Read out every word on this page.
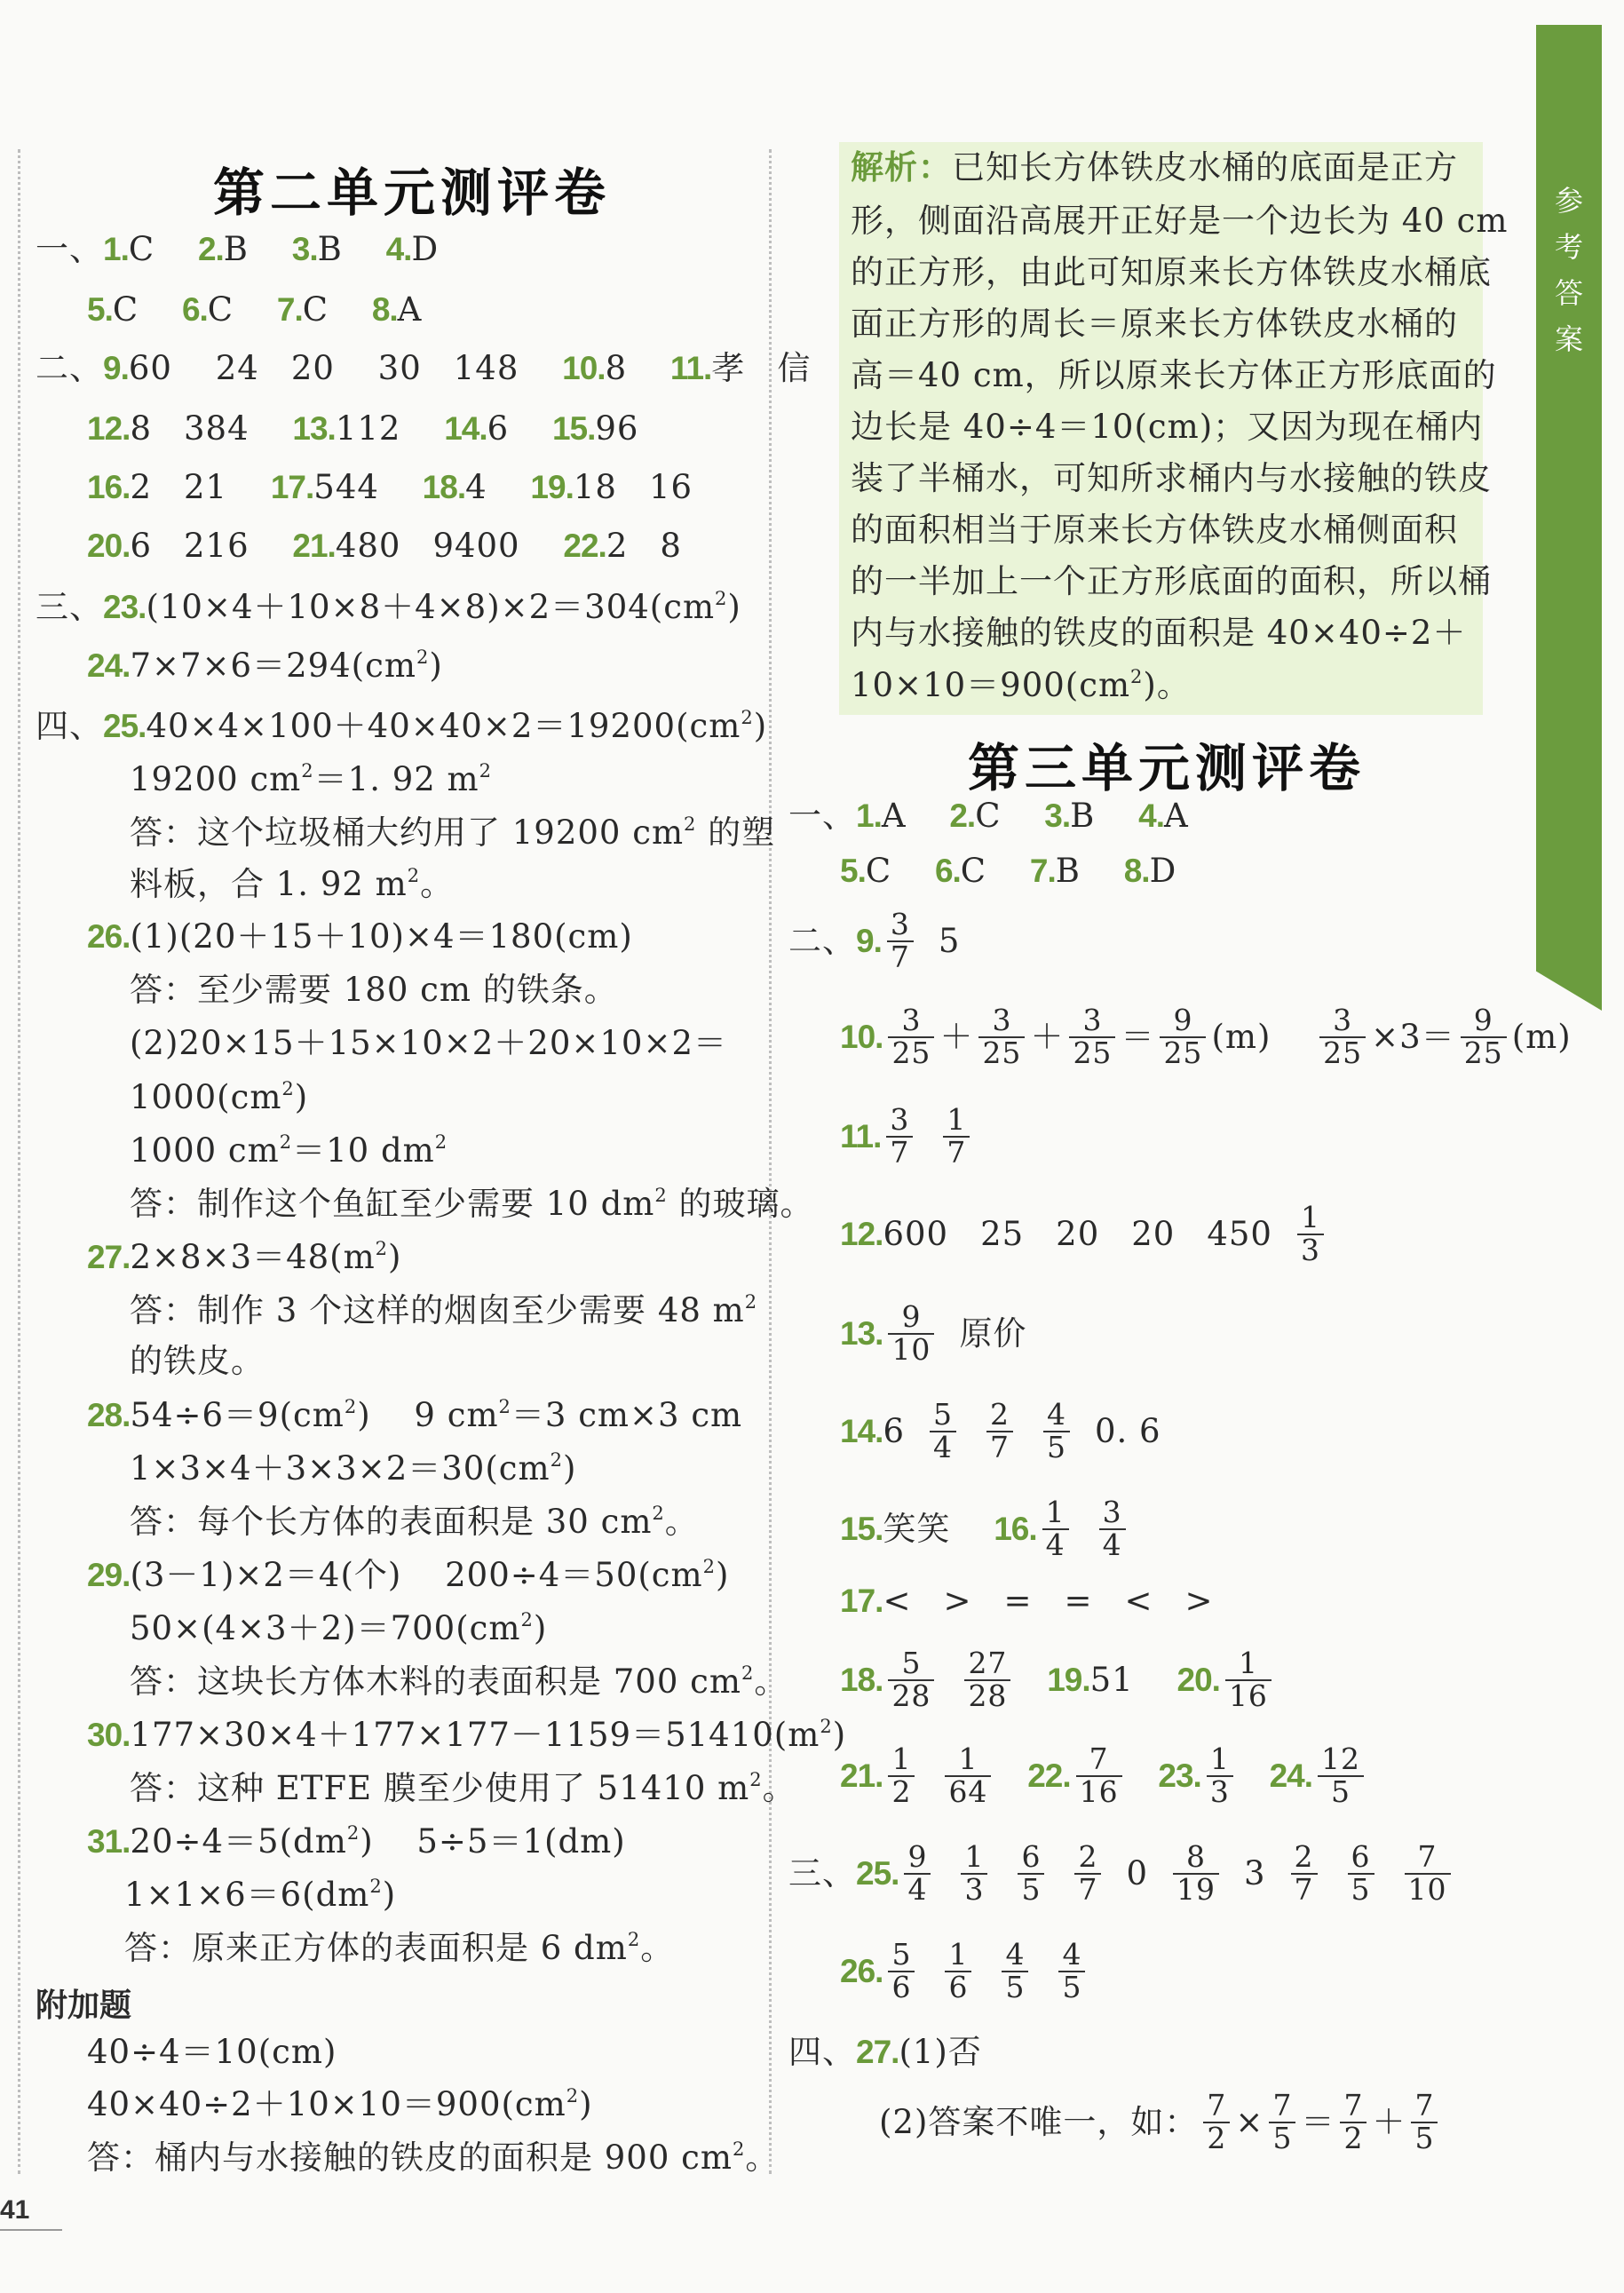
参考答案
第二单元测评卷
一、1.C 2.B 3.B 4.D
5.C 6.C 7.C 8.A
二、9.60 24 20 30 148 10.8 11.孝 信
12.8 384 13.112 14.6 15.96
16.2 21 17.544 18.4 19.18 16
20.6 216 21.480 9400 22.2 8
三、$23.(10\times 4+10\times 8+4\times 8)\times 2=304(cm^2)$
$24.7\times 7\times 6=294(cm^2)$
四、$25.40\times 4\times 100+40\times 40\times 2=19200(cm^2)$
19200 $cm^2=1$. 92 $m^2$
答：这个垃圾桶大约用了 19200 $cm^2$ 的塑
料板，合 1. 92 $m^2$。
26.(1)(20＋15＋10)×4＝180(cm)
答：至少需要 180 cm 的铁条。
(2)20×15＋15×10×2＋20×10×2＝
$1000(cm^2)$
1000 $cm^2=10$ $dm^2$
答：制作这个鱼缸至少需要 10 $dm^2$ 的玻璃。
$27.2\times 8\times 3=48(m^2)$
答：制作 3 个这样的烟囱至少需要 48 $m^2$
的铁皮。
$28.54\div 6=9(cm^2)$ 9 $cm^2=3$ cm×3 cm
$1\times 3\times 4+3\times 3\times 2=30(cm^2)$
答：每个长方体的表面积是 30 $cm^2$。
29.(3－1)×2＝4(个) $200\div 4=50(cm^2)$
$50\times(4\times 3+2)=700(cm^2)$
答：这块长方体木料的表面积是 700 $cm^2$。
$30.177\times 30\times 4+177\times 177-1159=51410(m^2)$
答：这种 ETFE 膜至少使用了 51410 $m^2$。
$31.20\div 4=5(dm^2)$ 5÷5＝1(dm)
$1\times 1\times 6=6(dm^2)$
答：原来正方体的表面积是 6 $dm^2$。
附加题
40÷4＝10(cm)
$40\times 40\div 2+10\times 10=900(cm^2)$
答：桶内与水接触的铁皮的面积是 900 $cm^2$。
41
解析：已知长方体铁皮水桶的底面是正方
形，侧面沿高展开正好是一个边长为 40 cm
的正方形，由此可知原来长方体铁皮水桶底
面正方形的周长＝原来长方体铁皮水桶的
高＝40 cm，所以原来长方体正方形底面的
边长是 40÷4＝10(cm)；又因为现在桶内
装了半桶水，可知所求桶内与水接触的铁皮
的面积相当于原来长方体铁皮水桶侧面积
的一半加上一个正方形底面的面积，所以桶
内与水接触的铁皮的面积是 40×40÷2＋
$10\times 10=900(cm^2)$。
第三单元测评卷
一、1.A 2.C 3.B 4.A
5.C 6.C 7.B 8.D
二、9. $\frac{3}{7} 5$
10. $\frac{3}{25} + \frac{3}{25} + \frac{3}{25} = \frac{9}{25} (m) \frac{3}{25} \times 3= \frac{9}{25} (m)$
11. $\frac{3}{7} \frac{1}{7}$
12.600 25 20 20 $450 \frac{1}{3}$
13. $\frac{9}{10}$ 原价
$14.6 \frac{5}{4} \frac{2}{7} \frac{4}{5} 0$. 6
15.笑笑 16. $\frac{1}{4} \frac{3}{4}$
17.< > = = < >
18. $\frac{5}{28} \frac{27}{28} 19.51$ 20. $\frac{1}{16}$
21. $\frac{1}{2} \frac{1}{64} 22$. $\frac{7}{16} 23$. $\frac{1}{3} 24$. $\frac{12}{5}$
三、25. $\frac{9}{4} \frac{1}{3} \frac{6}{5} \frac{2}{7} 0 \frac{8}{19} 3 \frac{2}{7} \frac{6}{5} \frac{7}{10}$
26. $\frac{5}{6} \frac{1}{6} \frac{4}{5} \frac{4}{5}$
四、27.(1)否
(2)答案不唯一，如： $\frac{7}{2} \times \frac{7}{5} = \frac{7}{2} + \frac{7}{5}$
